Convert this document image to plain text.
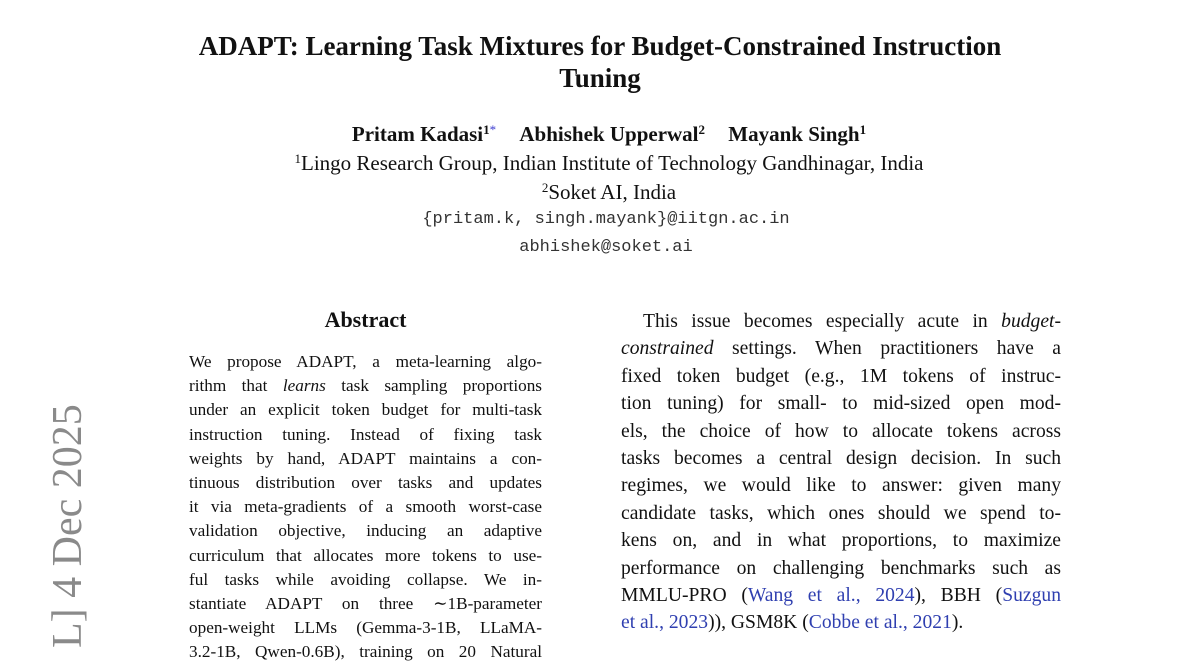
ADAPT: Learning Task Mixtures for Budget-Constrained Instruction
Tuning
Pritam Kadasi$^{1*}$ Abhishek Upperwal$^2$ Mayank Singh$^1$
$^1$Lingo Research Group, Indian Institute of Technology Gandhinagar, India
$^2$Soket AI, India
{pritam.k, singh.mayank}@iitgn.ac.in
abhishek@soket.ai
L] 4 Dec 2025
Abstract
We propose ADAPT, a meta-learning algo-
rithm that learns task sampling proportions
under an explicit token budget for multi-task
instruction tuning. Instead of fixing task
weights by hand, ADAPT maintains a con-
tinuous distribution over tasks and updates
it via meta-gradients of a smooth worst-case
validation objective, inducing an adaptive
curriculum that allocates more tokens to use-
ful tasks while avoiding collapse. We in-
stantiate ADAPT on three ∼1B-parameter
open-weight LLMs (Gemma-3-1B, LLaMA-
3.2-1B, Qwen-0.6B), training on 20 Natural
This issue becomes especially acute in budget-
constrained settings. When practitioners have a
fixed token budget (e.g., 1M tokens of instruc-
tion tuning) for small- to mid-sized open mod-
els, the choice of how to allocate tokens across
tasks becomes a central design decision. In such
regimes, we would like to answer: given many
candidate tasks, which ones should we spend to-
kens on, and in what proportions, to maximize
performance on challenging benchmarks such as
MMLU-PRO (Wang et al., 2024), BBH (Suzgun
et al., 2023)), GSM8K (Cobbe et al., 2021).
